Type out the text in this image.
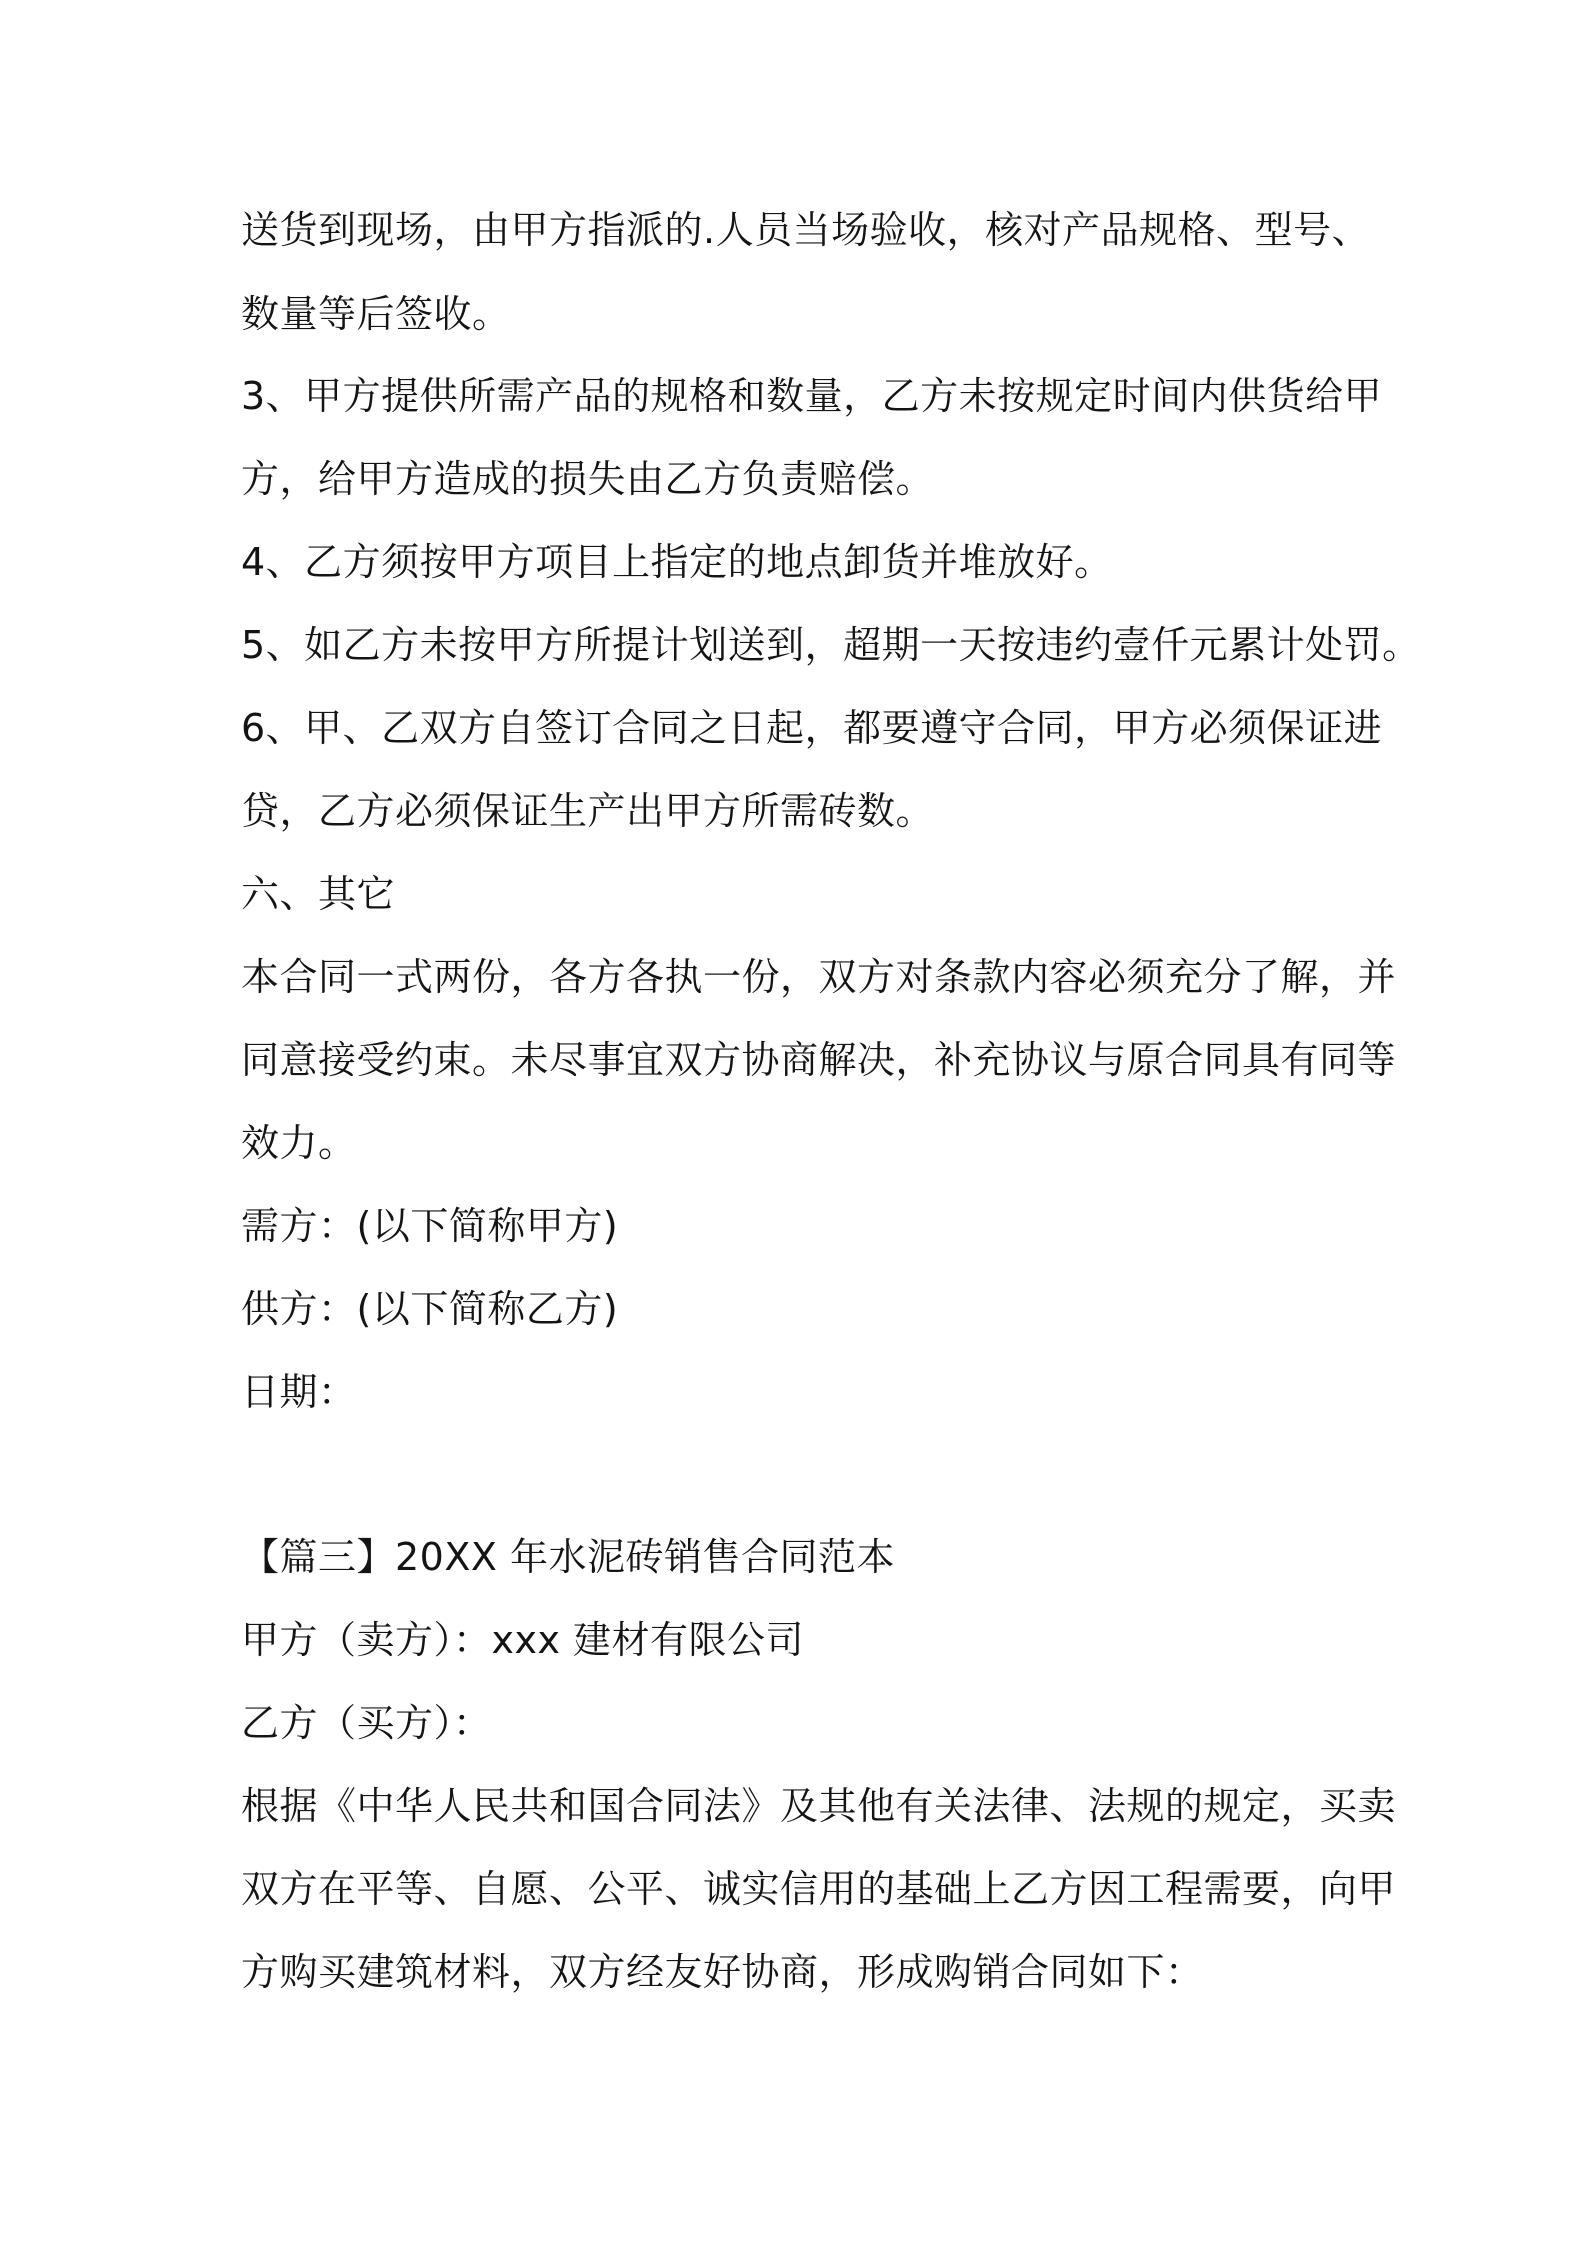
送货到现场，由甲方指派的.人员当场验收，核对产品规格、型号、
数量等后签收。
3、甲方提供所需产品的规格和数量，乙方未按规定时间内供货给甲
方，给甲方造成的损失由乙方负责赔偿。
4、乙方须按甲方项目上指定的地点卸货并堆放好。
5、如乙方未按甲方所提计划送到，超期一天按违约壹仟元累计处罚。
6、甲、乙双方自签订合同之日起，都要遵守合同，甲方必须保证进
贷，乙方必须保证生产出甲方所需砖数。
六、其它
本合同一式两份，各方各执一份，双方对条款内容必须充分了解，并
同意接受约束。未尽事宜双方协商解决，补充协议与原合同具有同等
效力。
需方：(以下简称甲方)
供方：(以下简称乙方)
日期：
【篇三】20XX 年水泥砖销售合同范本
甲方（卖方）：xxx 建材有限公司
乙方（买方）：
根据《中华人民共和国合同法》及其他有关法律、法规的规定，买卖
双方在平等、自愿、公平、诚实信用的基础上乙方因工程需要，向甲
方购买建筑材料，双方经友好协商，形成购销合同如下：
